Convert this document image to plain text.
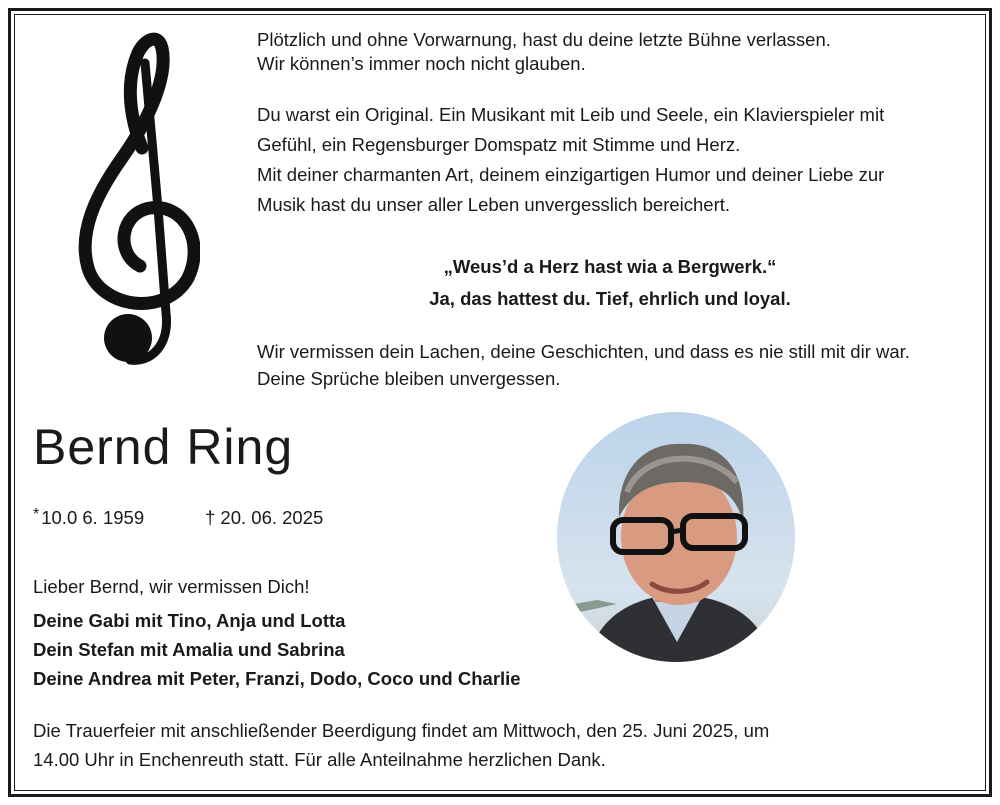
Plötzlich und ohne Vorwarnung, hast du deine letzte Bühne verlassen.
Wir können’s immer noch nicht glauben.
Du warst ein Original. Ein Musikant mit Leib und Seele, ein Klavierspieler mit
Gefühl, ein Regensburger Domspatz mit Stimme und Herz.
Mit deiner charmanten Art, deinem einzigartigen Humor und deiner Liebe zur
Musik hast du unser aller Leben unvergesslich bereichert.
„Weus’d a Herz hast wia a Bergwerk.“
Ja, das hattest du. Tief, ehrlich und loyal.
Wir vermissen dein Lachen, deine Geschichten, und dass es nie still mit dir war.
Deine Sprüche bleiben unvergessen.
Bernd Ring
* 10.0 6. 1959	† 20. 06. 2025
Lieber Bernd, wir vermissen Dich!
Deine Gabi mit Tino, Anja und Lotta
Dein Stefan mit Amalia und Sabrina
Deine Andrea mit Peter, Franzi, Dodo, Coco und Charlie
Die Trauerfeier mit anschließender Beerdigung findet am Mittwoch, den 25. Juni 2025, um
14.00 Uhr in Enchenreuth statt. Für alle Anteilnahme herzlichen Dank.
